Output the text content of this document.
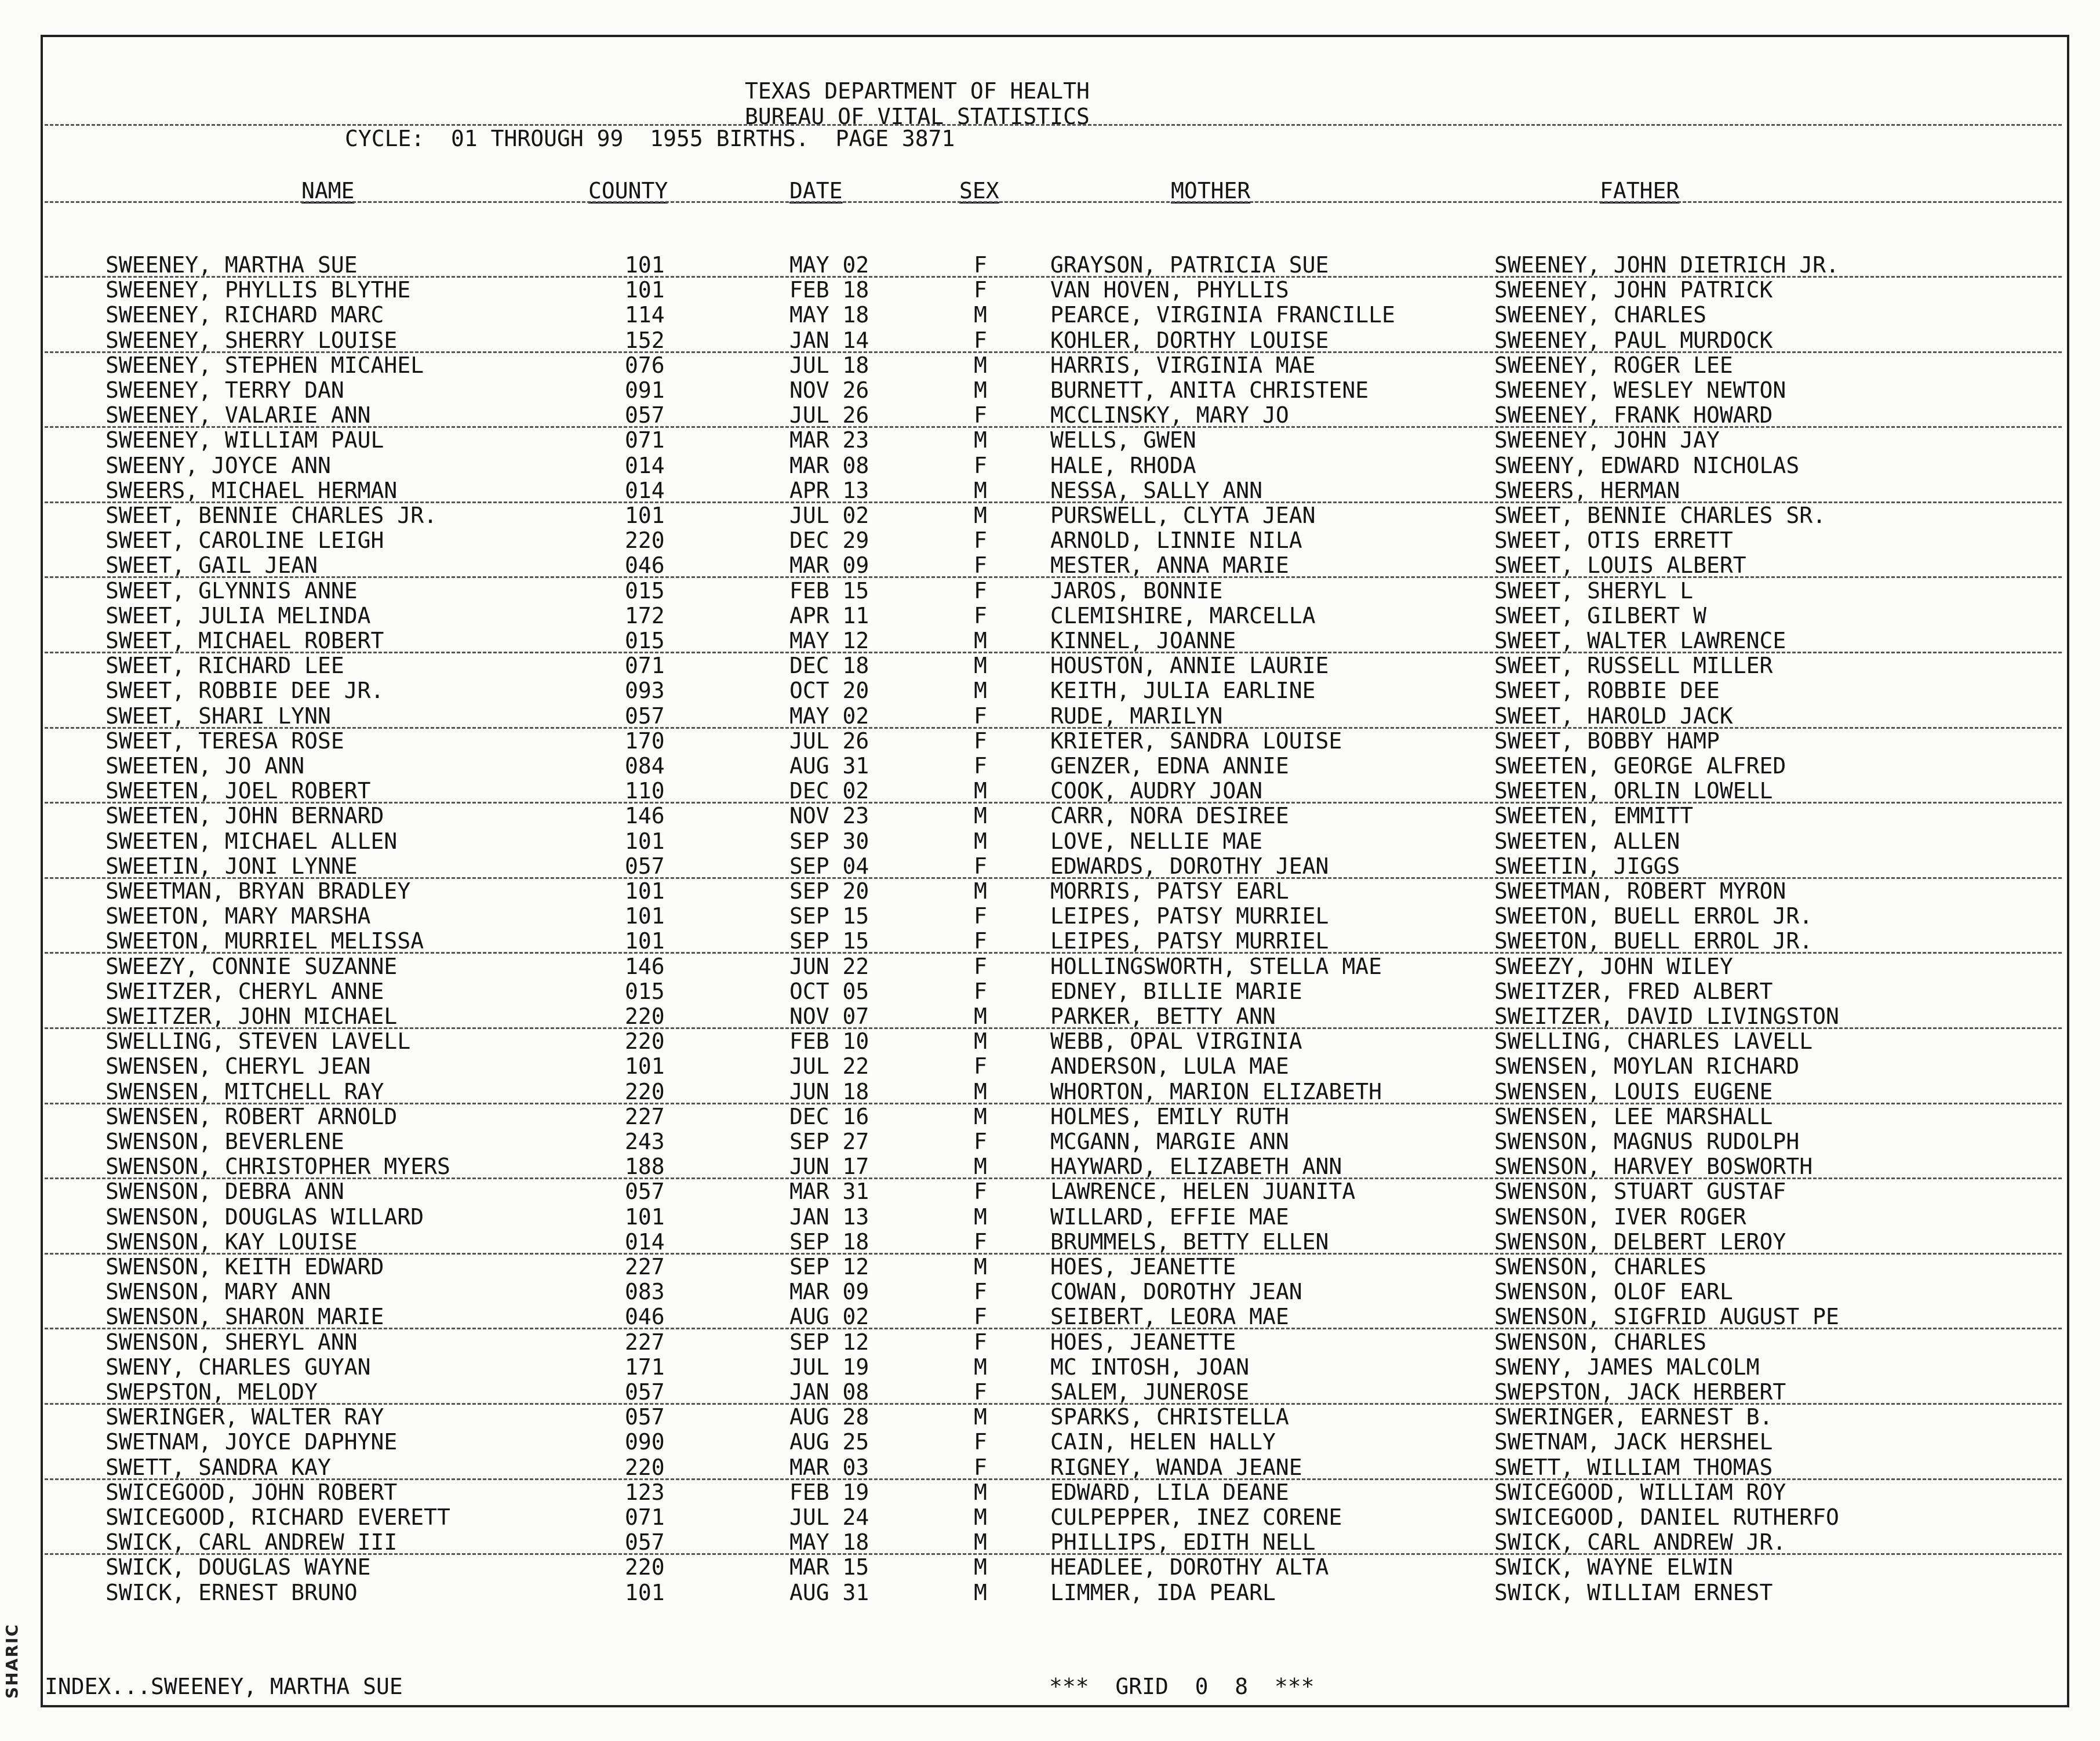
SHARIC
TEXAS DEPARTMENT OF HEALTH
BUREAU OF VITAL STATISTICS
CYCLE:  01 THROUGH 99  1955 BIRTHS.  PAGE 3871
NAME	COUNTY	DATE	SEX	MOTHER	FATHER
SWEENEY, MARTHA SUE	101	MAY 02	F	GRAYSON, PATRICIA SUE	SWEENEY, JOHN DIETRICH JR.
SWEENEY, PHYLLIS BLYTHE	101	FEB 18	F	VAN HOVEN, PHYLLIS	SWEENEY, JOHN PATRICK
SWEENEY, RICHARD MARC	114	MAY 18	M	PEARCE, VIRGINIA FRANCILLE	SWEENEY, CHARLES
SWEENEY, SHERRY LOUISE	152	JAN 14	F	KOHLER, DORTHY LOUISE	SWEENEY, PAUL MURDOCK
SWEENEY, STEPHEN MICAHEL	076	JUL 18	M	HARRIS, VIRGINIA MAE	SWEENEY, ROGER LEE
SWEENEY, TERRY DAN	091	NOV 26	M	BURNETT, ANITA CHRISTENE	SWEENEY, WESLEY NEWTON
SWEENEY, VALARIE ANN	057	JUL 26	F	MCCLINSKY, MARY JO	SWEENEY, FRANK HOWARD
SWEENEY, WILLIAM PAUL	071	MAR 23	M	WELLS, GWEN	SWEENEY, JOHN JAY
SWEENY, JOYCE ANN	014	MAR 08	F	HALE, RHODA	SWEENY, EDWARD NICHOLAS
SWEERS, MICHAEL HERMAN	014	APR 13	M	NESSA, SALLY ANN	SWEERS, HERMAN
SWEET, BENNIE CHARLES JR.	101	JUL 02	M	PURSWELL, CLYTA JEAN	SWEET, BENNIE CHARLES SR.
SWEET, CAROLINE LEIGH	220	DEC 29	F	ARNOLD, LINNIE NILA	SWEET, OTIS ERRETT
SWEET, GAIL JEAN	046	MAR 09	F	MESTER, ANNA MARIE	SWEET, LOUIS ALBERT
SWEET, GLYNNIS ANNE	015	FEB 15	F	JAROS, BONNIE	SWEET, SHERYL L
SWEET, JULIA MELINDA	172	APR 11	F	CLEMISHIRE, MARCELLA	SWEET, GILBERT W
SWEET, MICHAEL ROBERT	015	MAY 12	M	KINNEL, JOANNE	SWEET, WALTER LAWRENCE
SWEET, RICHARD LEE	071	DEC 18	M	HOUSTON, ANNIE LAURIE	SWEET, RUSSELL MILLER
SWEET, ROBBIE DEE JR.	093	OCT 20	M	KEITH, JULIA EARLINE	SWEET, ROBBIE DEE
SWEET, SHARI LYNN	057	MAY 02	F	RUDE, MARILYN	SWEET, HAROLD JACK
SWEET, TERESA ROSE	170	JUL 26	F	KRIETER, SANDRA LOUISE	SWEET, BOBBY HAMP
SWEETEN, JO ANN	084	AUG 31	F	GENZER, EDNA ANNIE	SWEETEN, GEORGE ALFRED
SWEETEN, JOEL ROBERT	110	DEC 02	M	COOK, AUDRY JOAN	SWEETEN, ORLIN LOWELL
SWEETEN, JOHN BERNARD	146	NOV 23	M	CARR, NORA DESIREE	SWEETEN, EMMITT
SWEETEN, MICHAEL ALLEN	101	SEP 30	M	LOVE, NELLIE MAE	SWEETEN, ALLEN
SWEETIN, JONI LYNNE	057	SEP 04	F	EDWARDS, DOROTHY JEAN	SWEETIN, JIGGS
SWEETMAN, BRYAN BRADLEY	101	SEP 20	M	MORRIS, PATSY EARL	SWEETMAN, ROBERT MYRON
SWEETON, MARY MARSHA	101	SEP 15	F	LEIPES, PATSY MURRIEL	SWEETON, BUELL ERROL JR.
SWEETON, MURRIEL MELISSA	101	SEP 15	F	LEIPES, PATSY MURRIEL	SWEETON, BUELL ERROL JR.
SWEEZY, CONNIE SUZANNE	146	JUN 22	F	HOLLINGSWORTH, STELLA MAE	SWEEZY, JOHN WILEY
SWEITZER, CHERYL ANNE	015	OCT 05	F	EDNEY, BILLIE MARIE	SWEITZER, FRED ALBERT
SWEITZER, JOHN MICHAEL	220	NOV 07	M	PARKER, BETTY ANN	SWEITZER, DAVID LIVINGSTON
SWELLING, STEVEN LAVELL	220	FEB 10	M	WEBB, OPAL VIRGINIA	SWELLING, CHARLES LAVELL
SWENSEN, CHERYL JEAN	101	JUL 22	F	ANDERSON, LULA MAE	SWENSEN, MOYLAN RICHARD
SWENSEN, MITCHELL RAY	220	JUN 18	M	WHORTON, MARION ELIZABETH	SWENSEN, LOUIS EUGENE
SWENSEN, ROBERT ARNOLD	227	DEC 16	M	HOLMES, EMILY RUTH	SWENSEN, LEE MARSHALL
SWENSON, BEVERLENE	243	SEP 27	F	MCGANN, MARGIE ANN	SWENSON, MAGNUS RUDOLPH
SWENSON, CHRISTOPHER MYERS	188	JUN 17	M	HAYWARD, ELIZABETH ANN	SWENSON, HARVEY BOSWORTH
SWENSON, DEBRA ANN	057	MAR 31	F	LAWRENCE, HELEN JUANITA	SWENSON, STUART GUSTAF
SWENSON, DOUGLAS WILLARD	101	JAN 13	M	WILLARD, EFFIE MAE	SWENSON, IVER ROGER
SWENSON, KAY LOUISE	014	SEP 18	F	BRUMMELS, BETTY ELLEN	SWENSON, DELBERT LEROY
SWENSON, KEITH EDWARD	227	SEP 12	M	HOES, JEANETTE	SWENSON, CHARLES
SWENSON, MARY ANN	083	MAR 09	F	COWAN, DOROTHY JEAN	SWENSON, OLOF EARL
SWENSON, SHARON MARIE	046	AUG 02	F	SEIBERT, LEORA MAE	SWENSON, SIGFRID AUGUST PE
SWENSON, SHERYL ANN	227	SEP 12	F	HOES, JEANETTE	SWENSON, CHARLES
SWENY, CHARLES GUYAN	171	JUL 19	M	MC INTOSH, JOAN	SWENY, JAMES MALCOLM
SWEPSTON, MELODY	057	JAN 08	F	SALEM, JUNEROSE	SWEPSTON, JACK HERBERT
SWERINGER, WALTER RAY	057	AUG 28	M	SPARKS, CHRISTELLA	SWERINGER, EARNEST B.
SWETNAM, JOYCE DAPHYNE	090	AUG 25	F	CAIN, HELEN HALLY	SWETNAM, JACK HERSHEL
SWETT, SANDRA KAY	220	MAR 03	F	RIGNEY, WANDA JEANE	SWETT, WILLIAM THOMAS
SWICEGOOD, JOHN ROBERT	123	FEB 19	M	EDWARD, LILA DEANE	SWICEGOOD, WILLIAM ROY
SWICEGOOD, RICHARD EVERETT	071	JUL 24	M	CULPEPPER, INEZ CORENE	SWICEGOOD, DANIEL RUTHERFO
SWICK, CARL ANDREW III	057	MAY 18	M	PHILLIPS, EDITH NELL	SWICK, CARL ANDREW JR.
SWICK, DOUGLAS WAYNE	220	MAR 15	M	HEADLEE, DOROTHY ALTA	SWICK, WAYNE ELWIN
SWICK, ERNEST BRUNO	101	AUG 31	M	LIMMER, IDA PEARL	SWICK, WILLIAM ERNEST
INDEX...SWEENEY, MARTHA SUE	***  GRID  0  8  ***
